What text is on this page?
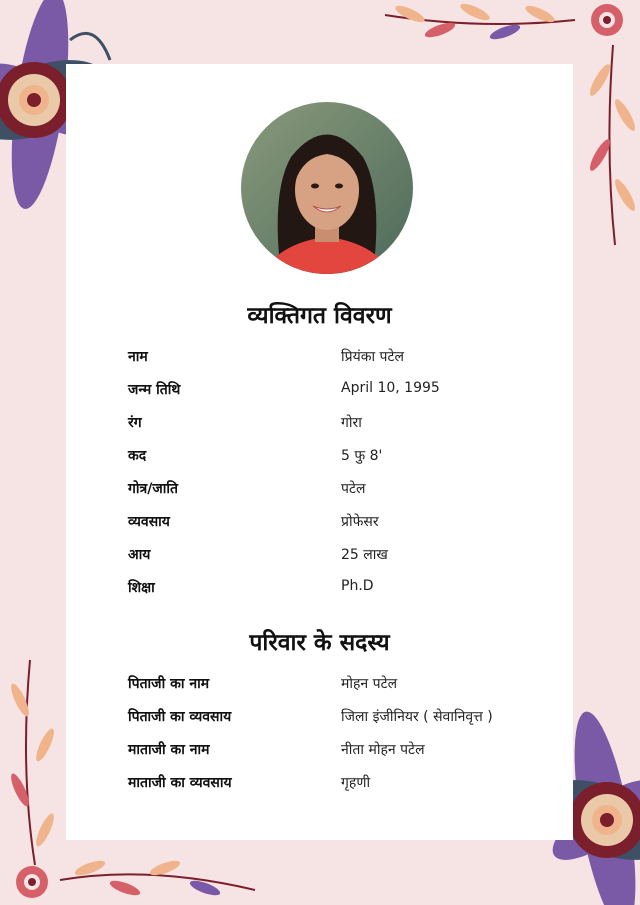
व्यक्तिगत विवरण
नाम	प्रियंका पटेल
जन्म तिथि	April 10, 1995
रंग	गोरा
कद	5 फु 8'
गोत्र/जाति	पटेल
व्यवसाय	प्रोफेसर
आय	25 लाख
शिक्षा	Ph.D
परिवार के सदस्य
पिताजी का नाम	मोहन पटेल
पिताजी का व्यवसाय	जिला इंजीनियर ( सेवानिवृत्त )
माताजी का नाम	नीता मोहन पटेल
माताजी का व्यवसाय	गृहणी
